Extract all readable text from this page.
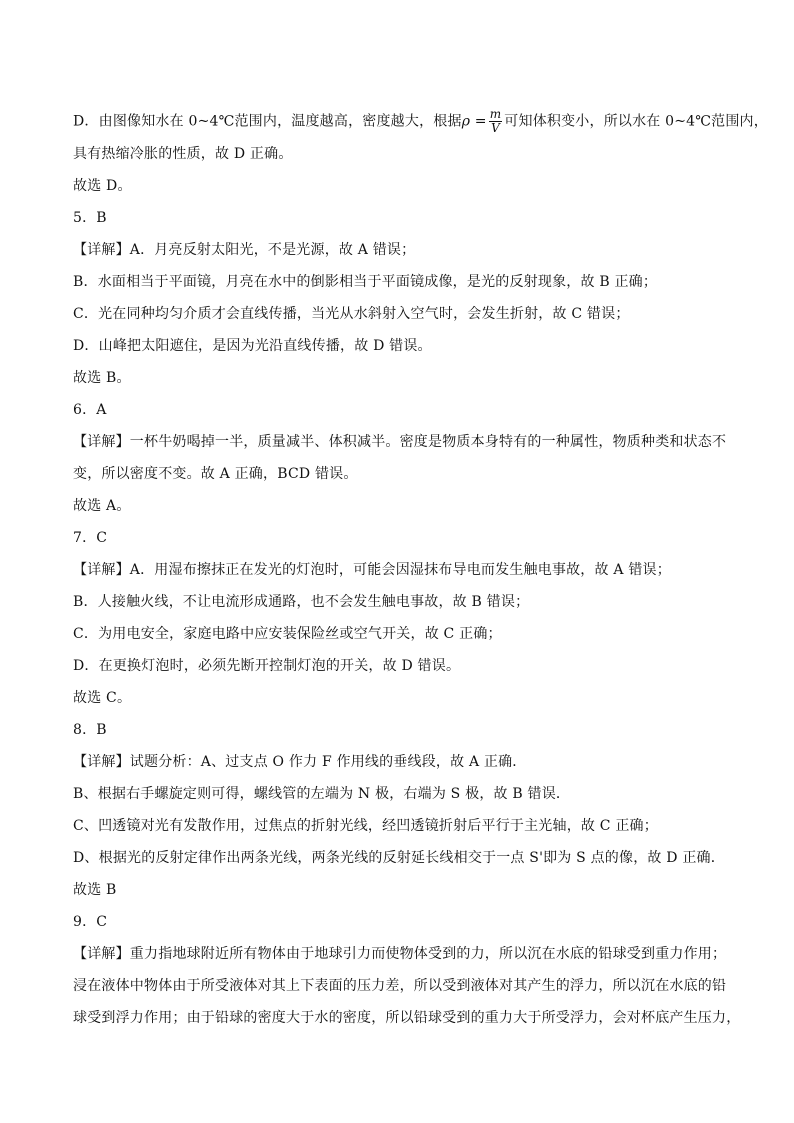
D．由图像知水在 0~4℃范围内，温度越高，密度越大，根据$\rho = \frac{m}{V}$ 可知体积变小，所以水在 0~4℃范围内，
具有热缩冷胀的性质，故 D 正确。
故选 D。
5．B
【详解】A．月亮反射太阳光，不是光源，故 A 错误；
B．水面相当于平面镜，月亮在水中的倒影相当于平面镜成像，是光的反射现象，故 B 正确；
C．光在同种均匀介质才会直线传播，当光从水斜射入空气时，会发生折射，故 C 错误；
D．山峰把太阳遮住，是因为光沿直线传播，故 D 错误。
故选 B。
6．A
【详解】一杯牛奶喝掉一半，质量减半、体积减半。密度是物质本身特有的一种属性，物质种类和状态不
变，所以密度不变。故 A 正确，BCD 错误。
故选 A。
7．C
【详解】A．用湿布擦抹正在发光的灯泡时，可能会因湿抹布导电而发生触电事故，故 A 错误；
B．人接触火线，不让电流形成通路，也不会发生触电事故，故 B 错误；
C．为用电安全，家庭电路中应安装保险丝或空气开关，故 C 正确；
D．在更换灯泡时，必须先断开控制灯泡的开关，故 D 错误。
故选 C。
8．B
【详解】试题分析：A、过支点 O 作力 F 作用线的垂线段，故 A 正确．
B、根据右手螺旋定则可得，螺线管的左端为 N 极，右端为 S 极，故 B 错误．
C、凹透镜对光有发散作用，过焦点的折射光线，经凹透镜折射后平行于主光轴，故 C 正确；
D、根据光的反射定律作出两条光线，两条光线的反射延长线相交于一点 S'即为 S 点的像，故 D 正确．
故选 B
9．C
【详解】重力指地球附近所有物体由于地球引力而使物体受到的力，所以沉在水底的铅球受到重力作用；
浸在液体中物体由于所受液体对其上下表面的压力差，所以受到液体对其产生的浮力，所以沉在水底的铅
球受到浮力作用；由于铅球的密度大于水的密度，所以铅球受到的重力大于所受浮力，会对杯底产生压力，
